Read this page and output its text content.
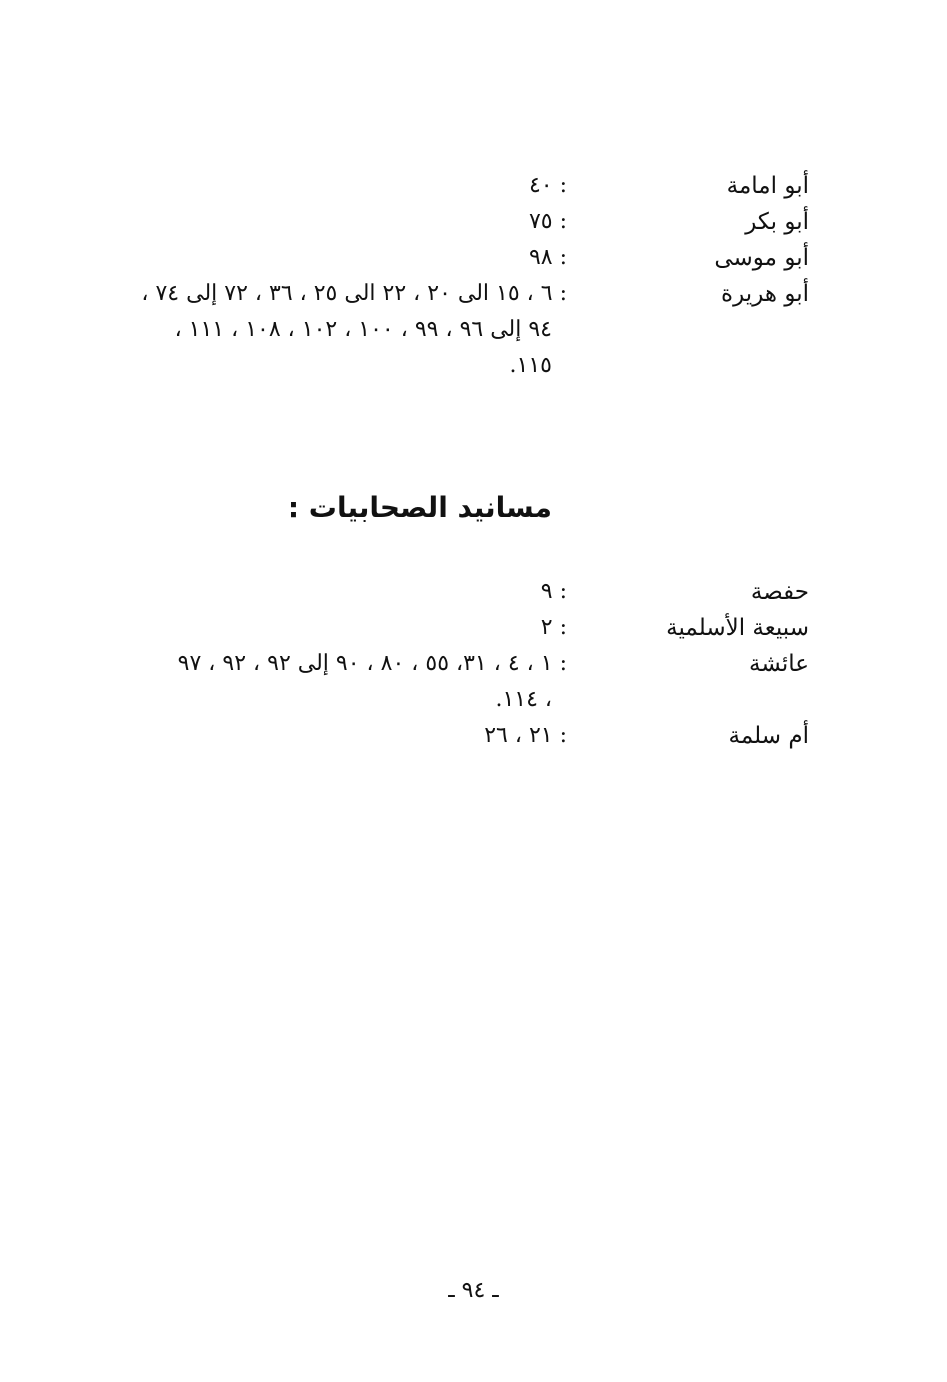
أبو امامة
: ٤٠
أبو بكر
: ٧٥
أبو موسى
: ٩٨
أبو هريرة
: ٦ ، ١٥ الى ٢٠ ، ٢٢ الى ٢٥ ، ٣٦ ، ٧٢ إلى ٧٤ ،
٩٤ إلى ٩٦ ، ٩٩ ، ١٠٠ ، ١٠٢ ، ١٠٨ ، ١١١ ،
١١٥.
مسانيد الصحابيات :
حفصة
: ٩
سبيعة الأسلمية
: ٢
عائشة
: ١ ، ٤ ، ٣١، ٥٥ ، ٨٠ ، ٩٠ إلى ٩٢ ، ٩٢ ، ٩٧
، ١١٤.
أم سلمة
: ٢١ ، ٢٦
ـ ٩٤ ـ
